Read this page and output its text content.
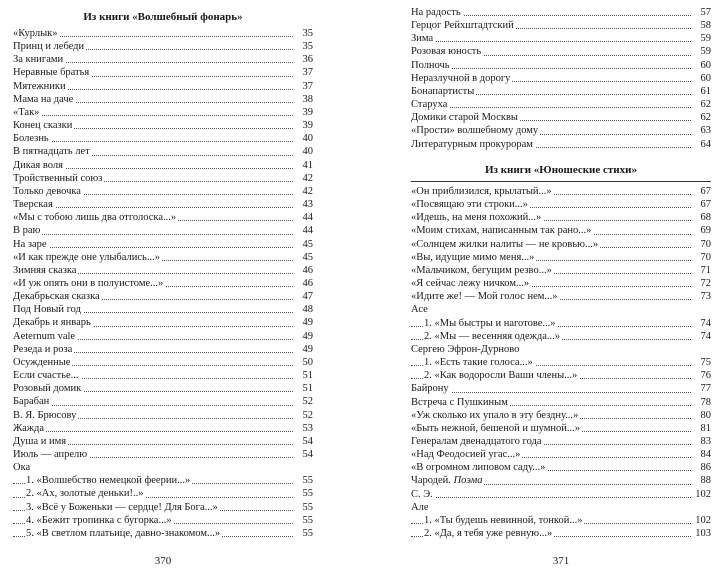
Из книги «Волшебный фонарь»
«Курлык»	35
Принц и лебеди	35
За книгами	36
Неравные братья	37
Мятежники	37
Мама на даче	38
«Так»	39
Конец сказки	39
Болезнь	40
В пятнадцать лет	40
Дикая воля	41
Тройственный союз	42
Только девочка	42
Тверская	43
«Мы с тобою лишь два отголоска...»	44
В раю	44
На заре	45
«И как прежде оне улыбались...»	45
Зимняя сказка	46
«И уж опять они в полуистоме...»	46
Декабрьская сказка	47
Под Новый год	48
Декабрь и январь	49
Aeternum vale	49
Резеда и роза	49
Осужденные	50
Если счастье...	51
Розовый домик	51
Барабан	52
В. Я. Брюсову	52
Жажда	53
Душа и имя	54
Июль — апрелю	54
Ока
1. «Волшебство немецкой феерии...»	55
2. «Ах, золотые деньки!..»	55
3. «Всё у Боженьки — сердце! Для Бога...»	55
4. «Бежит тропинка с бугорка...»	55
5. «В светлом платьице, давно-знакомом...»	55
370
На радость	57
Герцог Рейхштадтский	58
Зима	59
Розовая юность	59
Полночь	60
Неразлучной в дорогу	60
Бонапартисты	61
Старуха	62
Домики старой Москвы	62
«Прости» волшебному дому	63
Литературным прокурорам	64
Из книги «Юношеские стихи»
«Он приблизился, крылатый...»	67
«Посвящаю эти строки...»	67
«Идешь, на меня похожий...»	68
«Моим стихам, написанным так рано...»	69
«Солнцем жилки налиты — не кровью...»	70
«Вы, идущие мимо меня...»	70
«Мальчиком, бегущим резво...»	71
«Я сейчас лежу ничком...»	72
«Идите же! — Мой голос нем...»	73
Асе
1. «Мы быстры и наготове...»	74
2. «Мы — весенняя одежда...»	74
Сергею Эфрон-Дурново
1. «Есть такие голоса...»	75
2. «Как водоросли Ваши члены...»	76
Байрону	77
Встреча с Пушкиным	78
«Уж сколько их упало в эту бездну...»	80
«Быть нежной, бешеной и шумной...»	81
Генералам двенадцатого года	83
«Над Феодосией угас...»	84
«В огромном липовом саду...»	86
Чародей. Поэма	88
С. Э.	102
Але
1. «Ты будешь невинной, тонкой...»	102
2. «Да, я тебя уже ревную...»	103
371
